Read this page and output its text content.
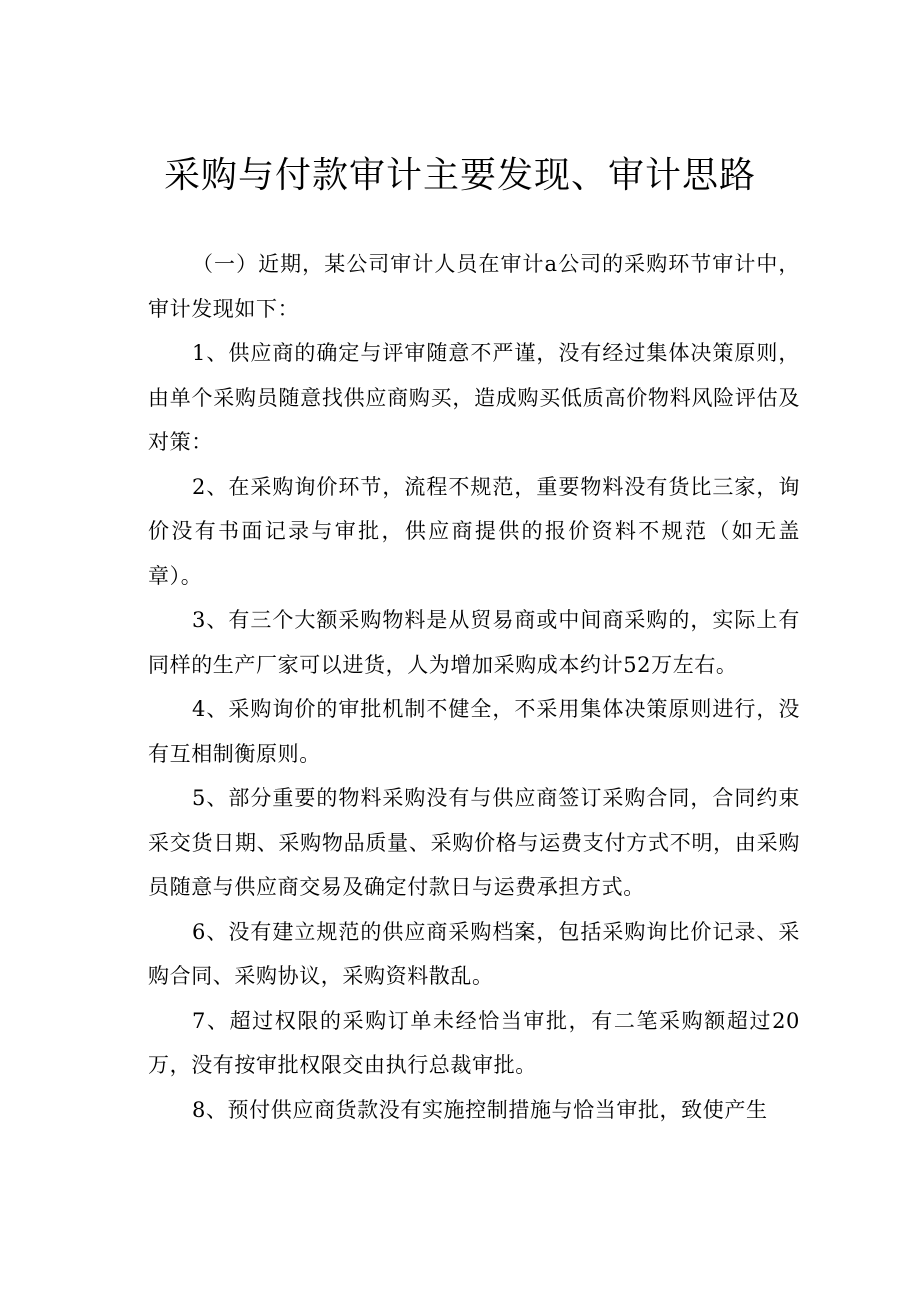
采购与付款审计主要发现、审计思路

（一）近期，某公司审计人员在审计a公司的采购环节审计中，审计发现如下：

1、供应商的确定与评审随意不严谨，没有经过集体决策原则，由单个采购员随意找供应商购买，造成购买低质高价物料风险评估及对策：

2、在采购询价环节，流程不规范，重要物料没有货比三家，询价没有书面记录与审批，供应商提供的报价资料不规范（如无盖章）。

3、有三个大额采购物料是从贸易商或中间商采购的，实际上有同样的生产厂家可以进货，人为增加采购成本约计52万左右。

4、采购询价的审批机制不健全，不采用集体决策原则进行，没有互相制衡原则。

5、部分重要的物料采购没有与供应商签订采购合同，合同约束采交货日期、采购物品质量、采购价格与运费支付方式不明，由采购员随意与供应商交易及确定付款日与运费承担方式。

6、没有建立规范的供应商采购档案，包括采购询比价记录、采购合同、采购协议，采购资料散乱。

7、超过权限的采购订单未经恰当审批，有二笔采购额超过20万，没有按审批权限交由执行总裁审批。

8、预付供应商货款没有实施控制措施与恰当审批，致使产生
